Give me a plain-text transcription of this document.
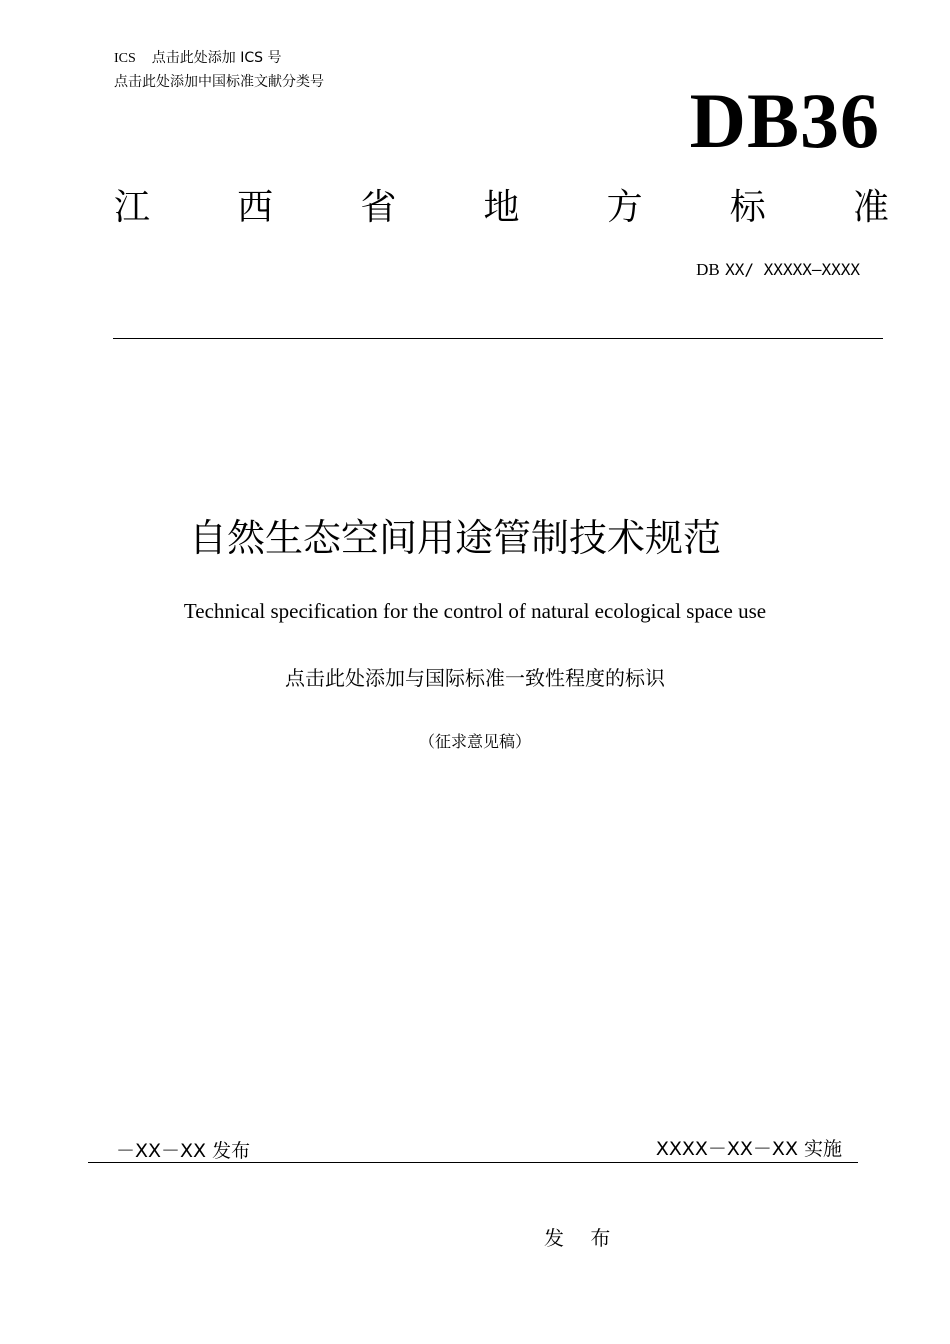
ICS 点击此处添加 ICS 号
点击此处添加中国标准文献分类号	DB36
江 西 省 地 方 标 准
DB XX/ XXXXX—XXXX
自然生态空间用途管制技术规范
Technical specification for the control of natural ecological space use
点击此处添加与国际标准一致性程度的标识
（征求意见稿）
－XX－XX 发布	XXXX－XX－XX 实施
发 布
